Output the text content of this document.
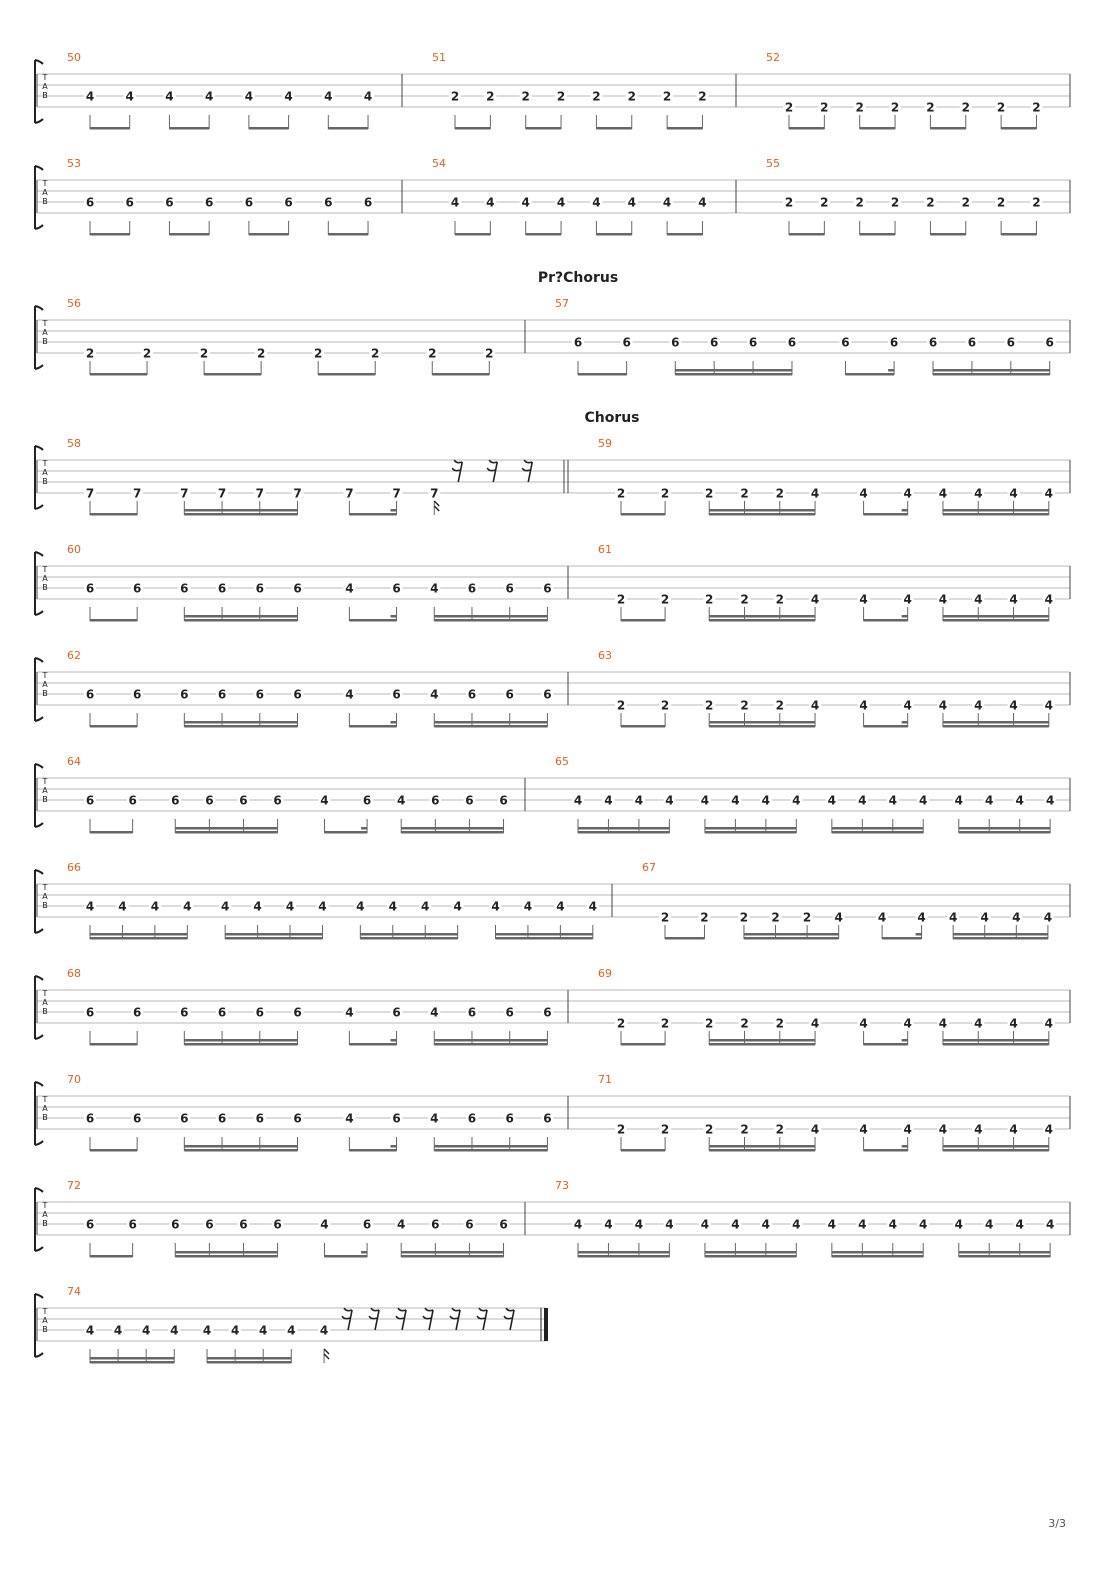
T
A
B
50
4	4	4	4	4	4	4	4
51
2 2 2 2 2 2 2 2
52
2 2 2 2 2 2 2 2
T
A
B
53
6	6	6	6	6	6	6	6
54
4 4 4 4 4 4 4 4
55
2 2 2 2 2 2 2 2
Pr?Chorus
T
A
B
56
2	2	2	2	2	2	2	2
57
6	6	6	6	6	6	6	6	6	6	6	6
Chorus
T
A
B
58
7	7	7 7 7 7	7	7 7
59
2	2	2 2 2 4	4	4 4 4 4 4
T
A
B
60
6	6	6 6 6 6	4	6 4 6 6 6
61
2	2	2 2 2 4	4	4 4 4 4 4
T
A
B
62
6	6	6 6 6 6	4	6 4 6 6 6
63
2	2	2 2 2 4	4	4 4 4 4 4
T
A
B
64
6	6	6 6 6 6	4	6 4 6 6 6
65
4 4 4 4 4 4 4 4 4 4 4 4 4 4 4 4
T
A
B
66
4 4 4 4 4 4 4 4 4 4 4 4 4 4 4 4
67
2	2	2 2 2 4	4	4 4 4 4 4
T
A
B
68
6	6	6 6 6 6	4	6 4 6 6 6
69
2	2	2 2 2 4	4	4 4 4 4 4
T
A
B
70
6	6	6 6 6 6	4	6 4 6 6 6
71
2	2	2 2 2 4	4	4 4 4 4 4
T
A
B
72
6	6	6 6 6 6	4	6 4 6 6 6
73
4 4 4 4 4 4 4 4 4 4 4 4 4 4 4 4
T
A
B
74
4 4 4 4 4 4 4 4 4
3/3
